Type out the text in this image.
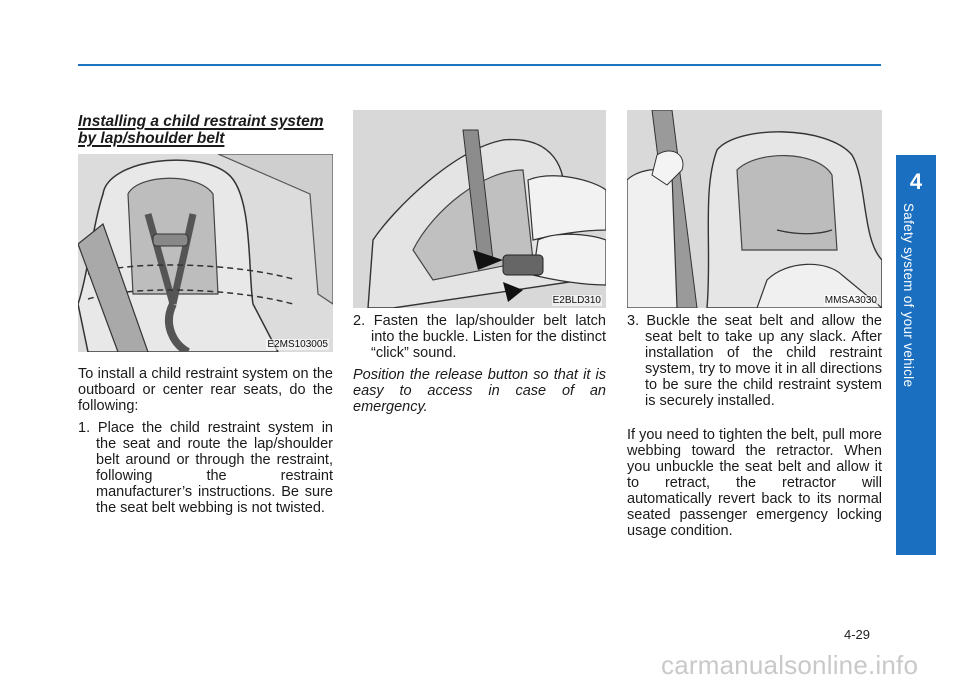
4
Safety system of your vehicle
Installing a child restraint system
by lap/shoulder belt
E2MS103005
E2BLD310	MMSA3030

To install a child restraint system on the outboard or center rear seats, do the following:

1. Place the child restraint system in the seat and route the lap/shoulder belt around or through the restraint, following the restraint manufacturer’s instructions. Be sure the seat belt webbing is not twisted.

2. Fasten the lap/shoulder belt latch into the buckle. Listen for the distinct “click” sound.

Position the release button so that it is easy to access in case of an emergency.

3. Buckle the seat belt and allow the seat belt to take up any slack. After installation of the child restraint system, try to move it in all directions to be sure the child restraint system is securely installed.

If you need to tighten the belt, pull more webbing toward the retractor. When you unbuckle the seat belt and allow it to retract, the retractor will automatically revert back to its normal seated passenger emergency locking usage condition.

4-29
carmanualsonline.info
